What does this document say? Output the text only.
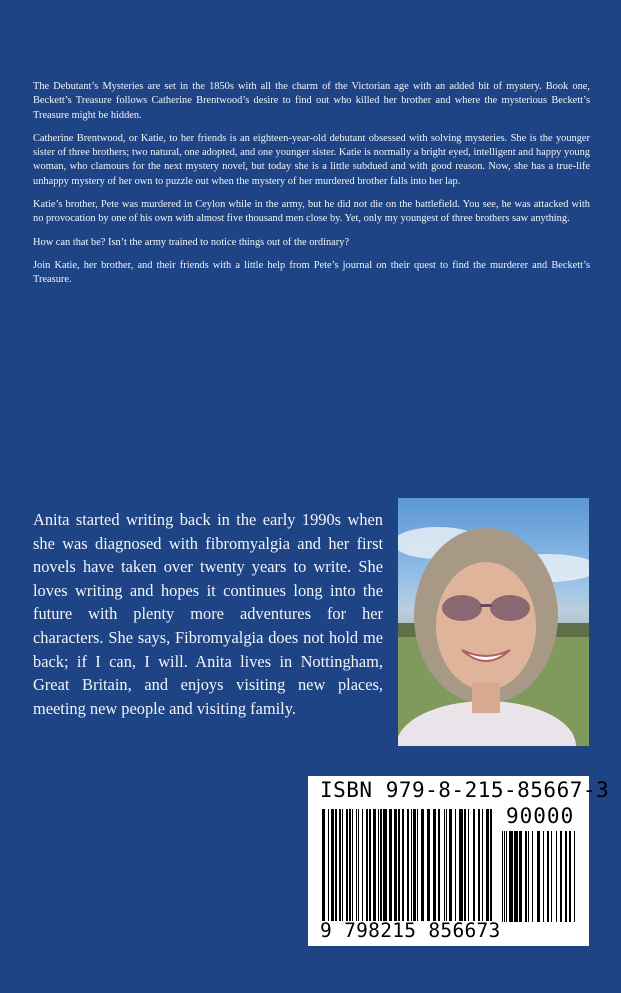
The Debutant’s Mysteries are set in the 1850s with all the charm of the Victorian age with an added bit of mystery. Book one, Beckett’s Treasure follows Catherine Brentwood’s desire to find out who killed her brother and where the mysterious Beckett’s Treasure might be hidden.

Catherine Brentwood, or Katie, to her friends is an eighteen-year-old debutant obsessed with solving mysteries. She is the younger sister of three brothers; two natural, one adopted, and one younger sister. Katie is normally a bright eyed, intelligent and happy young woman, who clamours for the next mystery novel, but today she is a little subdued and with good reason. Now, she has a true-life unhappy mystery of her own to puzzle out when the mystery of her murdered brother falls into her lap.

Katie’s brother, Pete was murdered in Ceylon while in the army, but he did not die on the battlefield. You see, he was attacked with no provocation by one of his own with almost five thousand men close by. Yet, only my youngest of three brothers saw anything.

How can that be? Isn’t the army trained to notice things out of the ordinary?

Join Katie, her brother, and their friends with a little help from Pete’s journal on their quest to find the murderer and Beckett’s Treasure.

Anita started writing back in the early 1990s when she was diagnosed with fibromyalgia and her first novels have taken over twenty years to write. She loves writing and hopes it continues long into the future with plenty more adventures for her characters. She says, Fibromyalgia does not hold me back; if I can, I will. Anita lives in Nottingham, Great Britain, and enjoys visiting new places, meeting new people and visiting family.
ISBN 979-8-215-85667-3
90000
9 798215 856673
